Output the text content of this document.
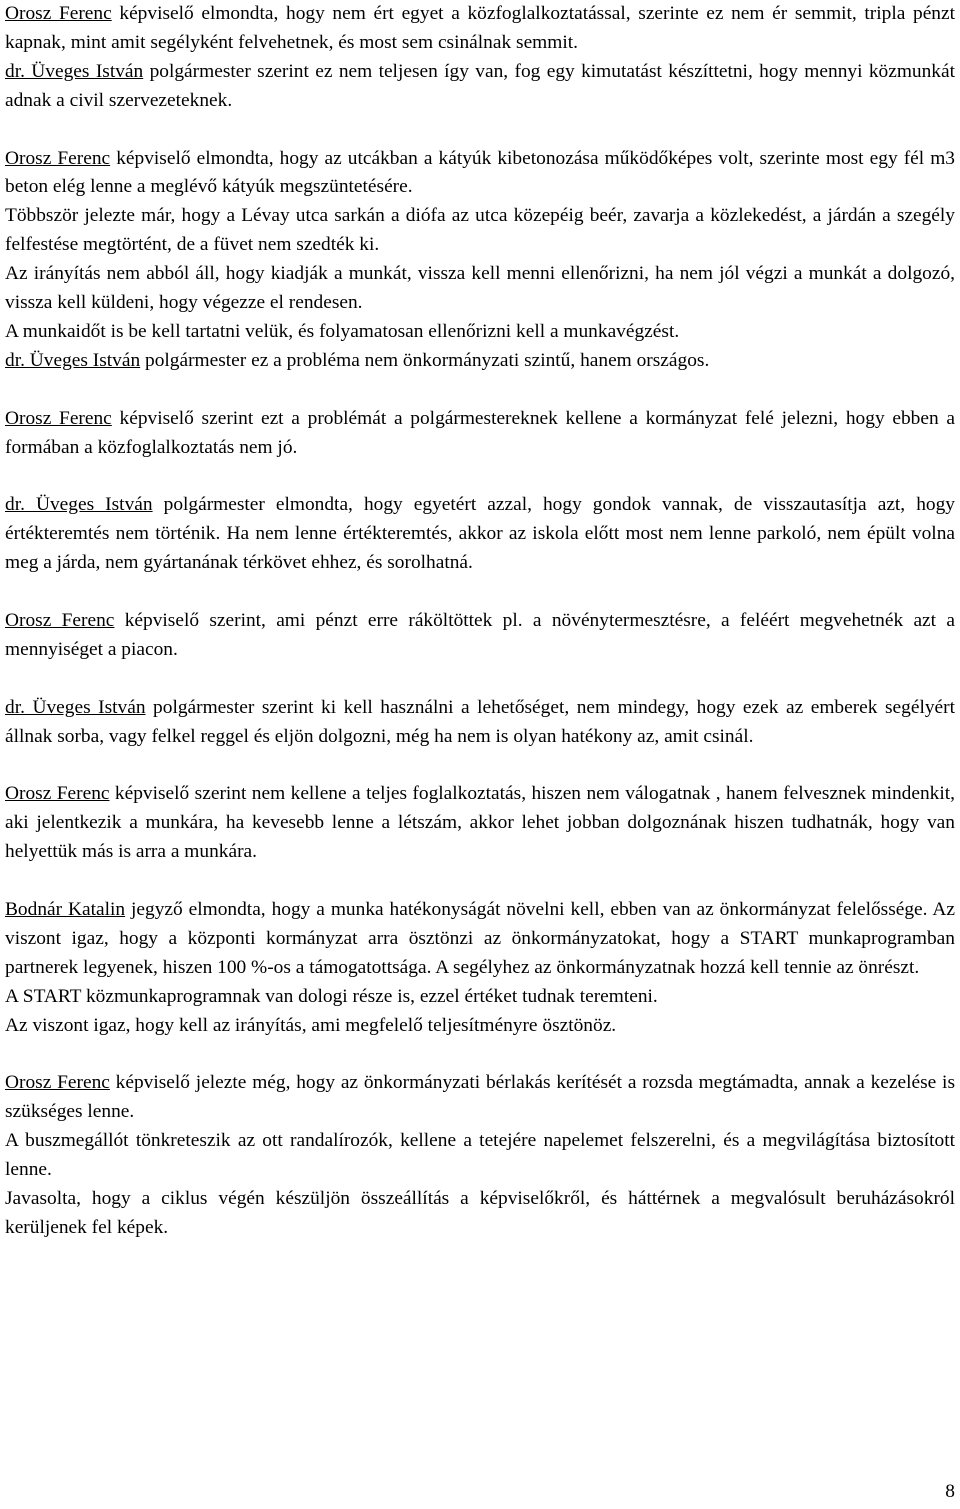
Orosz Ferenc képviselő elmondta, hogy nem ért egyet a közfoglalkoztatással, szerinte ez nem ér semmit, tripla pénzt kapnak, mint amit segélyként felvehetnek, és most sem csinálnak semmit.

dr. Üveges István polgármester szerint ez nem teljesen így van, fog egy kimutatást készíttetni, hogy mennyi közmunkát adnak a civil szervezeteknek.

Orosz Ferenc képviselő elmondta, hogy az utcákban a kátyúk kibetonozása működőképes volt, szerinte most egy fél m3 beton elég lenne a meglévő kátyúk megszüntetésére.

Többször jelezte már, hogy a Lévay utca sarkán a diófa az utca közepéig beér, zavarja a közlekedést, a járdán a szegély felfestése megtörtént, de a füvet nem szedték ki.

Az irányítás nem abból áll, hogy kiadják a munkát, vissza kell menni ellenőrizni, ha nem jól végzi a munkát a dolgozó, vissza kell küldeni, hogy végezze el rendesen.

A munkaidőt is be kell tartatni velük, és folyamatosan ellenőrizni kell a munkavégzést.

dr. Üveges István polgármester ez a probléma nem önkormányzati szintű, hanem országos.

Orosz Ferenc képviselő szerint ezt a problémát a polgármestereknek kellene a kormányzat felé jelezni, hogy ebben a formában a közfoglalkoztatás nem jó.

dr. Üveges István polgármester elmondta, hogy egyetért azzal, hogy gondok vannak, de visszautasítja azt, hogy értékteremtés nem történik. Ha nem lenne értékteremtés, akkor az iskola előtt most nem lenne parkoló, nem épült volna meg a járda, nem gyártanának térkövet ehhez, és sorolhatná.

Orosz Ferenc képviselő szerint, ami pénzt erre ráköltöttek pl. a növénytermesztésre, a feléért megvehetnék azt a mennyiséget a piacon.

dr. Üveges István polgármester szerint ki kell használni a lehetőséget, nem mindegy, hogy ezek az emberek segélyért állnak sorba, vagy felkel reggel és eljön dolgozni, még ha nem is olyan hatékony az, amit csinál.

Orosz Ferenc képviselő szerint nem kellene a teljes foglalkoztatás, hiszen nem válogatnak , hanem felvesznek mindenkit, aki jelentkezik a munkára, ha kevesebb lenne a létszám, akkor lehet jobban dolgoznának hiszen tudhatnák, hogy van helyettük más is arra a munkára.

Bodnár Katalin jegyző elmondta, hogy a munka hatékonyságát növelni kell, ebben van az önkormányzat felelőssége. Az viszont igaz, hogy a központi kormányzat arra ösztönzi az önkormányzatokat, hogy a START munkaprogramban partnerek legyenek, hiszen 100 %-os a támogatottsága. A segélyhez az önkormányzatnak hozzá kell tennie az önrészt.

A START közmunkaprogramnak van dologi része is, ezzel értéket tudnak teremteni.

Az viszont igaz, hogy kell az irányítás, ami megfelelő teljesítményre ösztönöz.

Orosz Ferenc képviselő jelezte még, hogy az önkormányzati bérlakás kerítését a rozsda megtámadta, annak a kezelése is szükséges lenne.

A buszmegállót tönkreteszik az ott randalírozók, kellene a tetejére napelemet felszerelni, és a megvilágítása biztosított lenne.

Javasolta, hogy a ciklus végén készüljön összeállítás a képviselőkről, és háttérnek a megvalósult beruházásokról kerüljenek fel képek.

8
